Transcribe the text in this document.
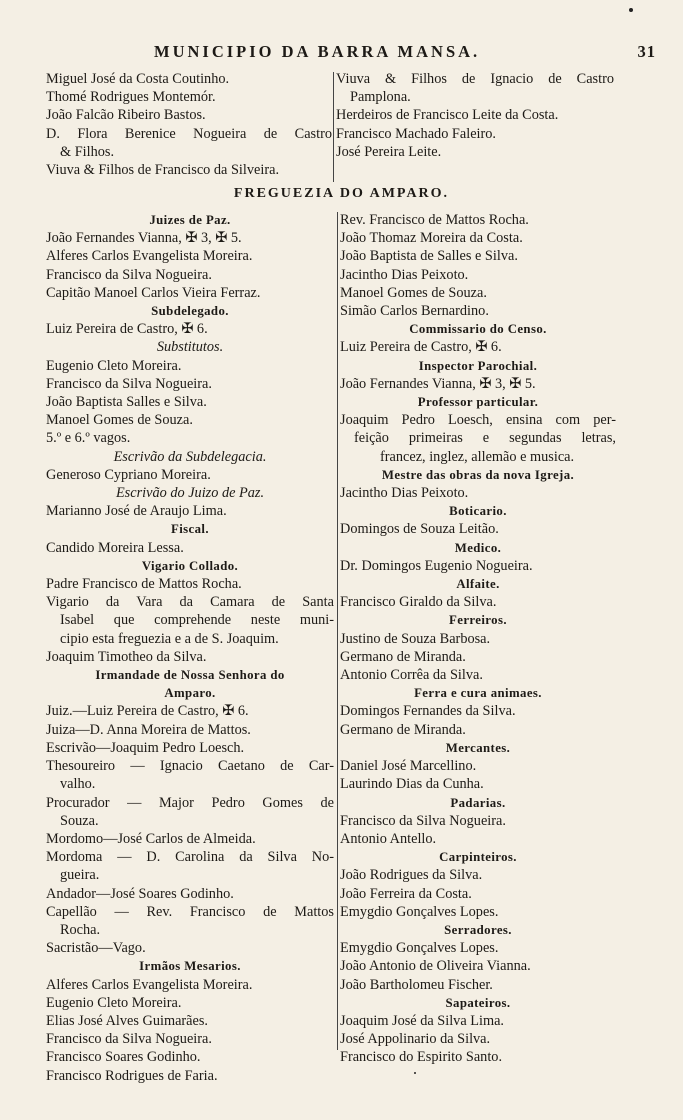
MUNICIPIO DA BARRA MANSA.	31
Miguel José da Costa Coutinho.
Thomé Rodrigues Montemór.
João Falcão Ribeiro Bastos.
D. Flora Berenice Nogueira de Castro
& Filhos.
Viuva & Filhos de Francisco da Silveira.
Viuva & Filhos de Ignacio de Castro
Pamplona.
Herdeiros de Francisco Leite da Costa.
Francisco Machado Faleiro.
José Pereira Leite.
FREGUEZIA DO AMPARO.
Juizes de Paz.
João Fernandes Vianna, ✠ 3, ✠ 5.
Alferes Carlos Evangelista Moreira.
Francisco da Silva Nogueira.
Capitão Manoel Carlos Vieira Ferraz.
Subdelegado.
Luiz Pereira de Castro, ✠ 6.
Substitutos.
Eugenio Cleto Moreira.
Francisco da Silva Nogueira.
João Baptista Salles e Silva.
Manoel Gomes de Souza.
5.º e 6.º vagos.
Escrivão da Subdelegacia.
Generoso Cypriano Moreira.
Escrivão do Juizo de Paz.
Marianno José de Araujo Lima.
Fiscal.
Candido Moreira Lessa.
Vigario Collado.
Padre Francisco de Mattos Rocha.
Vigario da Vara da Camara de Santa
Isabel que comprehende neste muni-
cipio esta freguezia e a de S. Joaquim.
Joaquim Timotheo da Silva.
Irmandade de Nossa Senhora do
Amparo.
Juiz.—Luiz Pereira de Castro, ✠ 6.
Juiza—D. Anna Moreira de Mattos.
Escrivão—Joaquim Pedro Loesch.
Thesoureiro — Ignacio Caetano de Car-
valho.
Procurador — Major Pedro Gomes de
Souza.
Mordomo—José Carlos de Almeida.
Mordoma — D. Carolina da Silva No-
gueira.
Andador—José Soares Godinho.
Capellão — Rev. Francisco de Mattos
Rocha.
Sacristão—Vago.
Irmãos Mesarios.
Alferes Carlos Evangelista Moreira.
Eugenio Cleto Moreira.
Elias José Alves Guimarães.
Francisco da Silva Nogueira.
Francisco Soares Godinho.
Francisco Rodrigues de Faria.
Rev. Francisco de Mattos Rocha.
João Thomaz Moreira da Costa.
João Baptista de Salles e Silva.
Jacintho Dias Peixoto.
Manoel Gomes de Souza.
Simão Carlos Bernardino.
Commissario do Censo.
Luiz Pereira de Castro, ✠ 6.
Inspector Parochial.
João Fernandes Vianna, ✠ 3, ✠ 5.
Professor particular.
Joaquim Pedro Loesch, ensina com per-
feição primeiras e segundas letras,
francez, inglez, allemão e musica.
Mestre das obras da nova Igreja.
Jacintho Dias Peixoto.
Boticario.
Domingos de Souza Leitão.
Medico.
Dr. Domingos Eugenio Nogueira.
Alfaite.
Francisco Giraldo da Silva.
Ferreiros.
Justino de Souza Barbosa.
Germano de Miranda.
Antonio Corrêa da Silva.
Ferra e cura animaes.
Domingos Fernandes da Silva.
Germano de Miranda.
Mercantes.
Daniel José Marcellino.
Laurindo Dias da Cunha.
Padarias.
Francisco da Silva Nogueira.
Antonio Antello.
Carpinteiros.
João Rodrigues da Silva.
João Ferreira da Costa.
Emygdio Gonçalves Lopes.
Serradores.
Emygdio Gonçalves Lopes.
João Antonio de Oliveira Vianna.
João Bartholomeu Fischer.
Sapateiros.
Joaquim José da Silva Lima.
José Appolinario da Silva.
Francisco do Espirito Santo.
